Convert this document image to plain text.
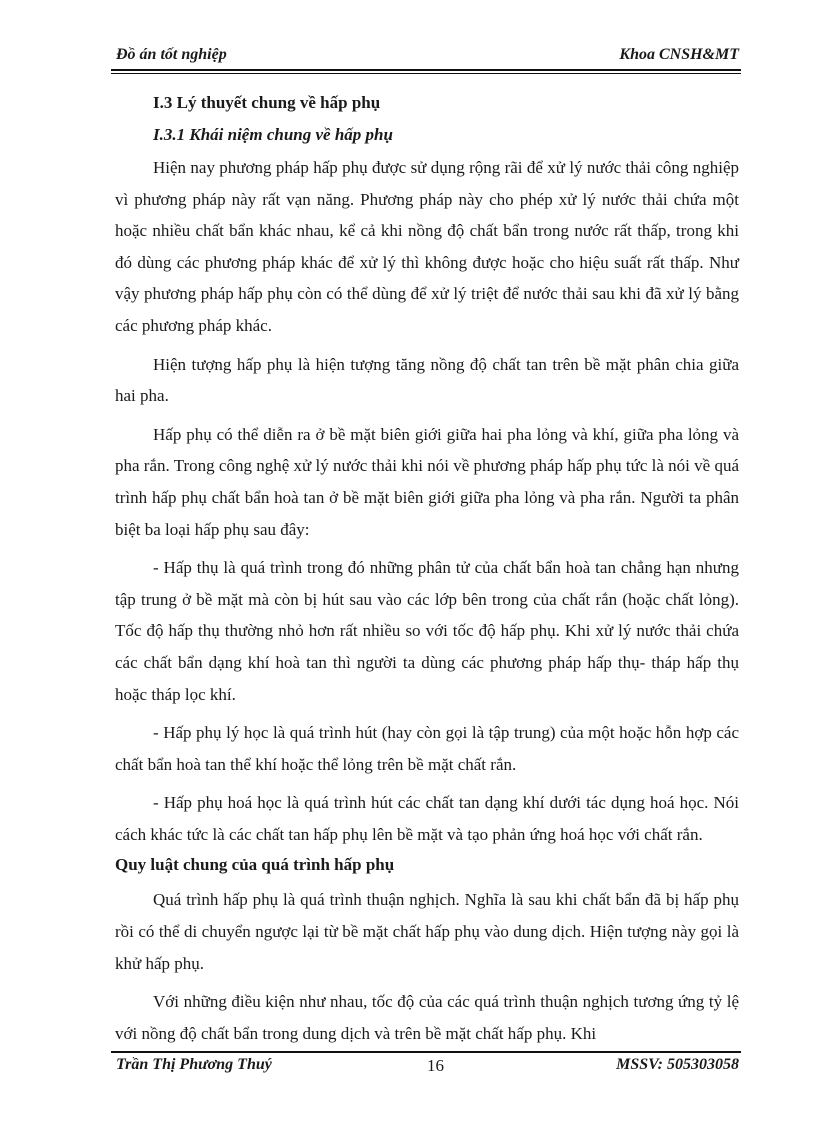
Đồ án tốt nghiệp	Khoa CNSH&MT
I.3 Lý thuyết chung về hấp phụ
I.3.1 Khái niệm chung về hấp phụ

Hiện nay phương pháp hấp phụ được sử dụng rộng rãi để xử lý nước thải công nghiệp vì phương pháp này rất vạn năng. Phương pháp này cho phép xử lý nước thải chứa một hoặc nhiều chất bẩn khác nhau, kể cả khi nồng độ chất bẩn trong nước rất thấp, trong khi đó dùng các phương pháp khác để xử lý thì không được hoặc cho hiệu suất rất thấp. Như vậy phương pháp hấp phụ còn có thể dùng để xử lý triệt để nước thải sau khi đã xử lý bằng các phương pháp khác.

Hiện tượng hấp phụ là hiện tượng tăng nồng độ chất tan trên bề mặt phân chia giữa hai pha.

Hấp phụ có thể diễn ra ở bề mặt biên giới giữa hai pha lỏng và khí, giữa pha lỏng và pha rắn. Trong công nghệ xử lý nước thải khi nói về phương pháp hấp phụ tức là nói về quá trình hấp phụ chất bẩn hoà tan ở bề mặt biên giới giữa pha lỏng và pha rắn. Người ta phân biệt ba loại hấp phụ sau đây:

- Hấp thụ là quá trình trong đó những phân tử của chất bẩn hoà tan chẳng hạn nhưng tập trung ở bề mặt mà còn bị hút sau vào các lớp bên trong của chất rắn (hoặc chất lỏng). Tốc độ hấp thụ thường nhỏ hơn rất nhiều so với tốc độ hấp phụ. Khi xử lý nước thải chứa các chất bẩn dạng khí hoà tan thì người ta dùng các phương pháp hấp thụ- tháp hấp thụ hoặc tháp lọc khí.

- Hấp phụ lý học là quá trình hút (hay còn gọi là tập trung) của một hoặc hỗn hợp các chất bẩn hoà tan thể khí hoặc thể lỏng trên bề mặt chất rắn.

- Hấp phụ hoá học là quá trình hút các chất tan dạng khí dưới tác dụng hoá học. Nói cách khác tức là các chất tan hấp phụ lên bề mặt và tạo phản ứng hoá học với chất rắn.

Quy luật chung của quá trình hấp phụ

Quá trình hấp phụ là quá trình thuận nghịch. Nghĩa là sau khi chất bẩn đã bị hấp phụ rồi có thể di chuyển ngược lại từ bề mặt chất hấp phụ vào dung dịch. Hiện tượng này gọi là khử hấp phụ.

Với những điều kiện như nhau, tốc độ của các quá trình thuận nghịch tương ứng tỷ lệ với nồng độ chất bẩn trong dung dịch và trên bề mặt chất hấp phụ. Khi

Trần Thị Phương Thuý	16	MSSV: 505303058
